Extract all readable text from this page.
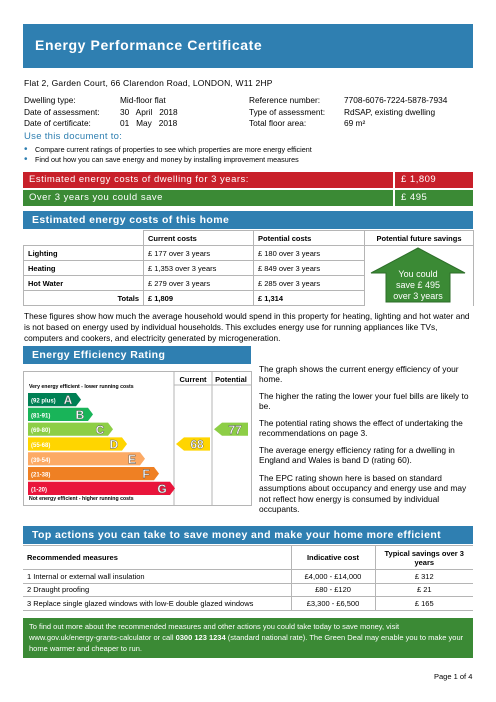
Energy Performance Certificate
Flat 2, Garden Court, 66 Clarendon Road, LONDON, W11 2HP
Dwelling type:	Mid-floor flat
Date of assessment: 30   April   2018
Date of certificate:	01   May   2018
Reference number:	7708-6076-7224-5878-7934
Type of assessment: RdSAP, existing dwelling
Total floor area:	69 m²
Use this document to:
• Compare current ratings of properties to see which properties are more energy efficient
• Find out how you can save energy and money by installing improvement measures
Estimated energy costs of dwelling for 3 years:	£ 1,809
Over 3 years you could save	£ 495
Estimated energy costs of this home
	Current costs	Potential costs	Potential future savings
Lighting	£ 177 over 3 years	£ 180 over 3 years	
Heating	£ 1,353 over 3 years	£ 849 over 3 years	
Hot Water	£ 279 over 3 years	£ 285 over 3 years	
Totals	£ 1,809	£ 1,314	
You could
save £ 495
over 3 years
These figures show how much the average household would spend in this property for heating, lighting and hot water and is not based on energy used by individual households. This excludes energy use for running appliances like TVs, computers and cookers, and electricity generated by microgeneration.
Energy Efficiency Rating
Current Potential
Very energy efficient - lower running costs
Not energy efficient - higher running costs
(92 plus) A
(81-91) B
(69-80)	C
(55-68)	D
(39-54)	E
(21-38)	F
(1-20)	G
68
77
The graph shows the current energy efficiency of your home.
The higher the rating the lower your fuel bills are likely to be.
The potential rating shows the effect of undertaking the recommendations on page 3.
The average energy efficiency rating for a dwelling in England and Wales is band D (rating 60).
The EPC rating shown here is based on standard assumptions about occupancy and energy use and may not reflect how energy is consumed by individual occupants.
Top actions you can take to save money and make your home more efficient
Recommended measures	Indicative cost	Typical savings over 3 years
1 Internal or external wall insulation	£4,000 - £14,000	£ 312
2 Draught proofing	£80 - £120	£ 21
3 Replace single glazed windows with low-E double glazed windows	£3,300 - £6,500	£ 165
To find out more about the recommended measures and other actions you could take today to save money, visit www.gov.uk/energy-grants-calculator or call 0300 123 1234 (standard national rate). The Green Deal may enable you to make your home warmer and cheaper to run.
Page 1 of 4
